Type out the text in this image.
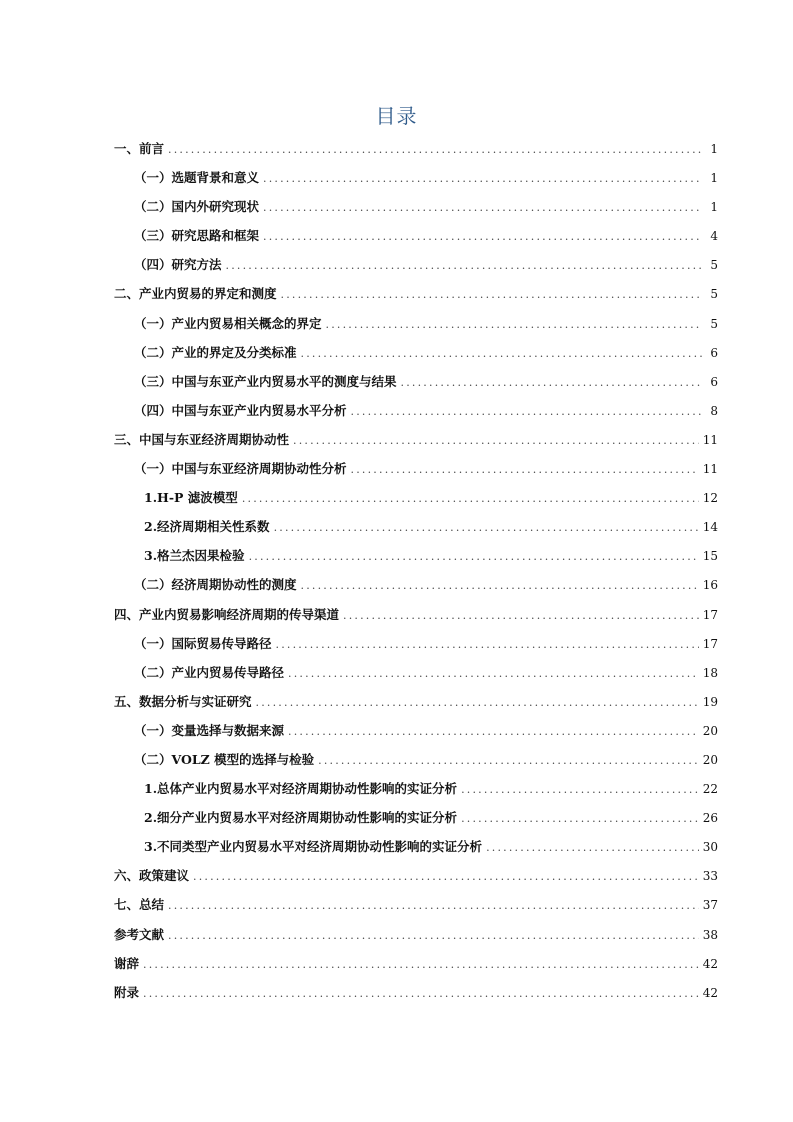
目录
一、前言 .....	1
（一）选题背景和意义 .....	1
（二）国内外研究现状 .....	1
（三）研究思路和框架 .....	4
（四）研究方法 .....	5
二、产业内贸易的界定和测度 .....	5
（一）产业内贸易相关概念的界定 .....	5
（二）产业的界定及分类标准 .....	6
（三）中国与东亚产业内贸易水平的测度与结果 .....	6
（四）中国与东亚产业内贸易水平分析 .....	8
三、中国与东亚经济周期协动性 .....	11
（一）中国与东亚经济周期协动性分析 .....	11
1.H-P 滤波模型 .....	12
2.经济周期相关性系数 .....	14
3.格兰杰因果检验 .....	15
（二）经济周期协动性的测度 .....	16
四、产业内贸易影响经济周期的传导渠道 .....	17
（一）国际贸易传导路径 .....	17
（二）产业内贸易传导路径 .....	18
五、数据分析与实证研究 .....	19
（一）变量选择与数据来源 .....	20
（二）VOLZ 模型的选择与检验 .....	20
1.总体产业内贸易水平对经济周期协动性影响的实证分析 .....	22
2.细分产业内贸易水平对经济周期协动性影响的实证分析 .....	26
3.不同类型产业内贸易水平对经济周期协动性影响的实证分析 .....	30
六、政策建议 .....	33
七、总结 .....	37
参考文献 .....	38
谢辞 .....	42
附录 .....	42
